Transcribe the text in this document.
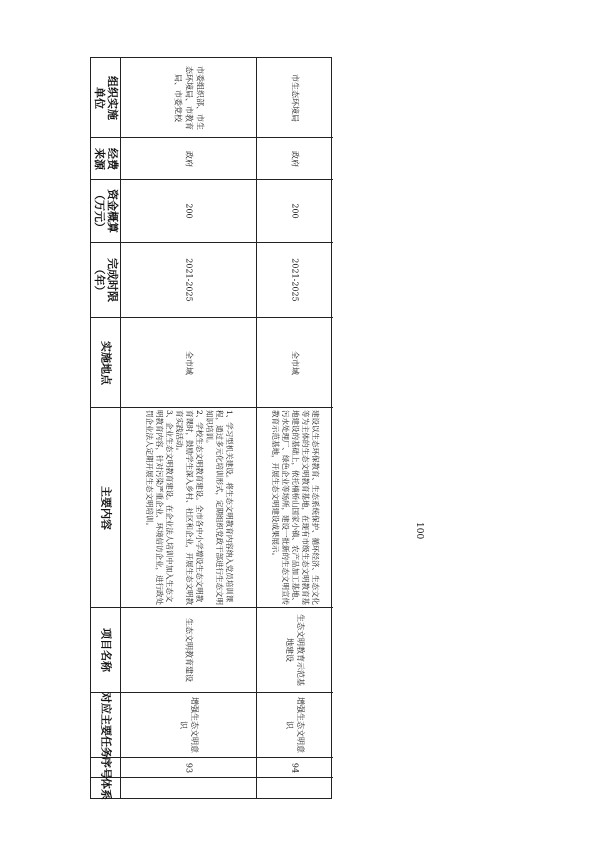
100
组织实施单位
经费来源
资金概算（万元）
完成时限（年）
实施地点
主要内容
项目名称
对应主要任务
序号
体系
市委组织部、市生态环境局、市教育局、市委党校
政府
200
2021-2025
全市域
1、学习型机关建设。将生态文明教育内容纳入党员培训课程，通过多元化培训形式，定期组织党政干部进行生态文明知识培训。
2、学校生态文明教育建设。全市各中小学增设生态文明教育课时，鼓励学生深入乡村、社区和企业，开展生态文明教育实践活动。
3、企业生态文明教育建设。在企业法人培训中加入生态文明教育内容，针对污染严重企业、环境信访企业，进行政处罚企业法人定期开展生态文明培训。
生态文明教育建设
增强生态文明意识
93
市生态环境局
政府
200
2021-2025
全市域
建设以生态环保教育、生态系统保护、循环经济、生态文化等为主体的生态文明教育基地，在现有市级生态文明教育基地建设的基础上，依托楠桥山国家小镇、农产品加工基地、污水处理厂、绿色企业等场所，建设一批新的生态文明宣传教育示范基地，开展生态文明建设成果展示。
生态文明教育示范基地建设
增强生态文明意识
94
